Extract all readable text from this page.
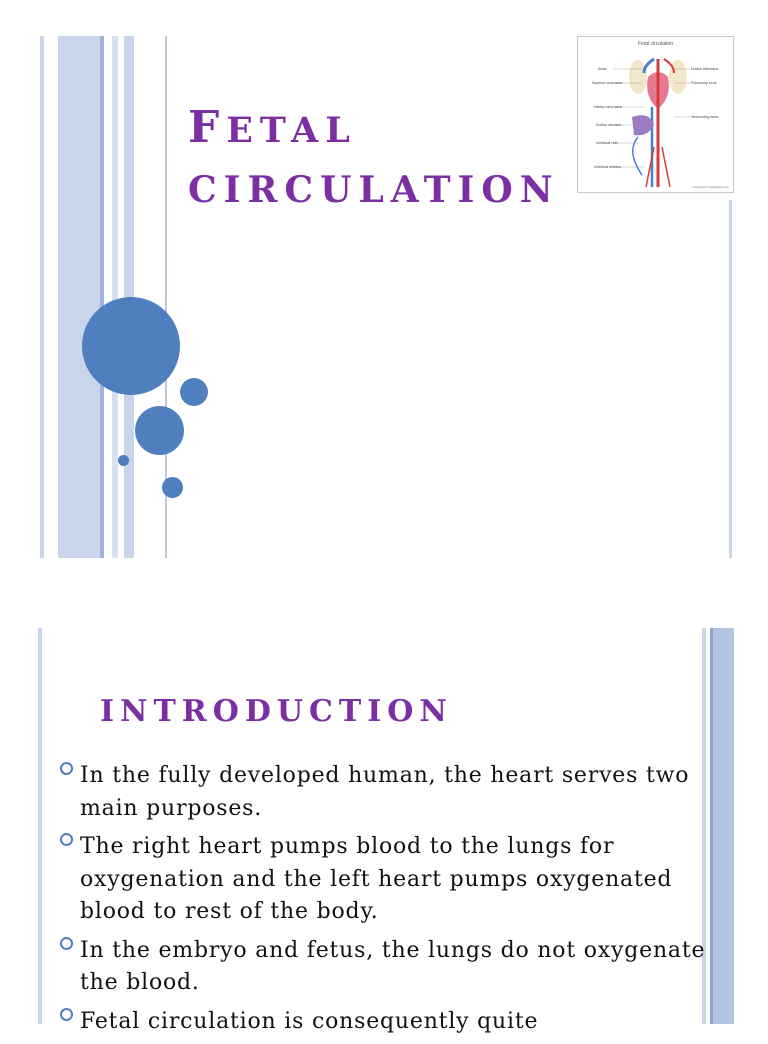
FETAL
CIRCULATION
Fetal circulation
Aorta
Superior vena cava
Inferior vena cava
Ductus venosus
Umbilical vein
Umbilical arteries
Ductus arteriosus
Pulmonary trunk
Descending aorta
Copyright © Healthline.com
INTRODUCTION
In the fully developed human, the heart serves two main purposes.
The right heart pumps blood to the lungs for oxygenation and the left heart pumps oxygenated blood to rest of the body.
In the embryo and fetus, the lungs do not oxygenate the blood.
Fetal circulation is consequently quite
